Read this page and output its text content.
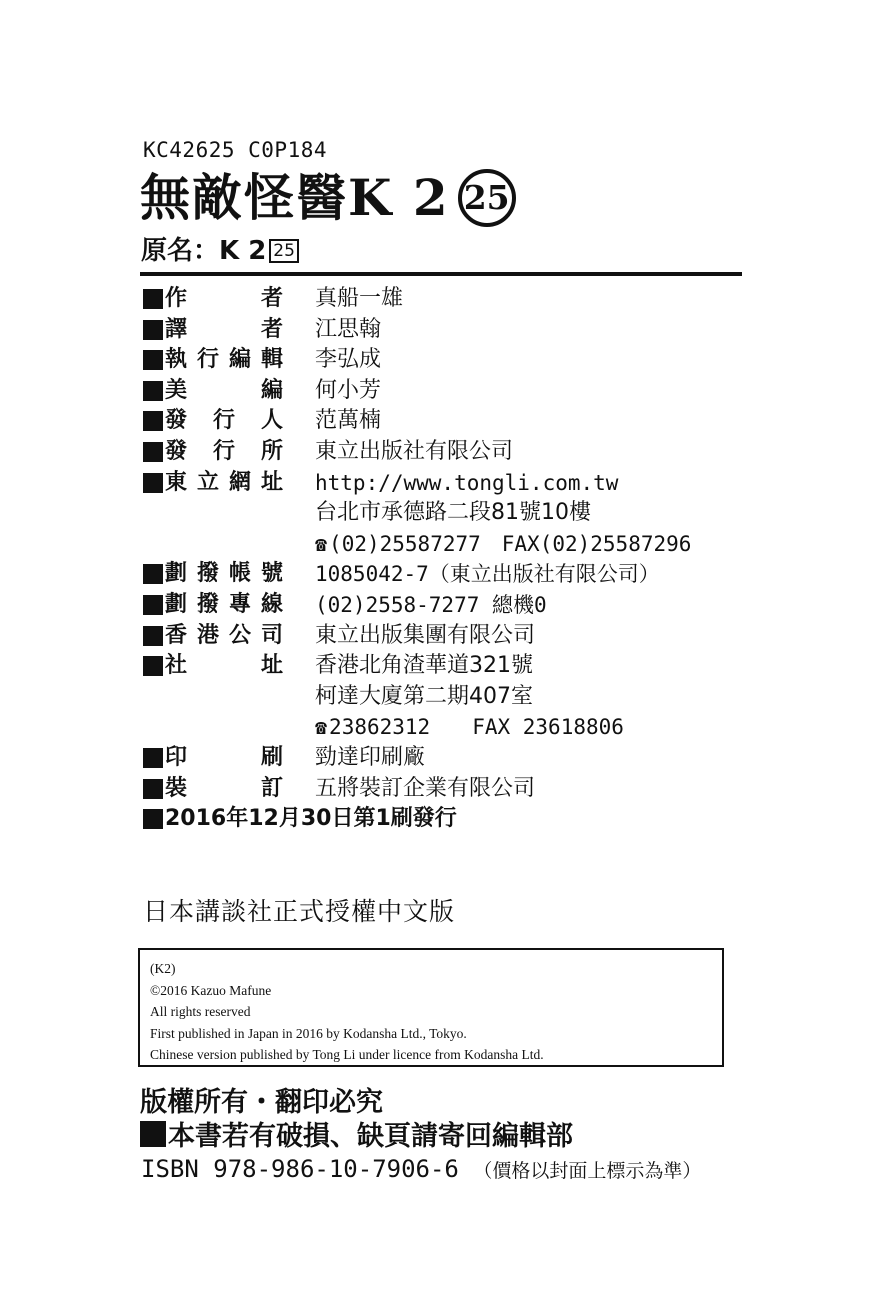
KC42625 C0P184
無敵怪醫K 2 25
原名：K 2 25
作	者 真船一雄
譯	者 江思翰
執 行 編 輯 李弘成
美	編 何小芳
發 行 人 范萬楠
發 行 所 東立出版社有限公司
東 立 網 址 http://www.tongli.com.tw
台北市承德路二段81號10樓
☎(02)25587277　FAX(02)25587296
劃 撥 帳 號 1085042-7（東立出版社有限公司）
劃 撥 專 線 (02)2558-7277 總機0
香 港 公 司 東立出版集團有限公司
社	址 香港北角渣華道321號
柯達大廈第二期407室
☎23862312　　FAX 23618806
印	刷 勁達印刷廠
裝	訂 五將裝訂企業有限公司
2016年12月30日第1刷發行
日本講談社正式授權中文版
(K2)
©2016 Kazuo Mafune
All rights reserved
First published in Japan in 2016 by Kodansha Ltd., Tokyo.
Chinese version published by Tong Li under licence from Kodansha Ltd.
版權所有・翻印必究
本書若有破損、缺頁請寄回編輯部
ISBN 978-986-10-7906-6 （價格以封面上標示為準）
